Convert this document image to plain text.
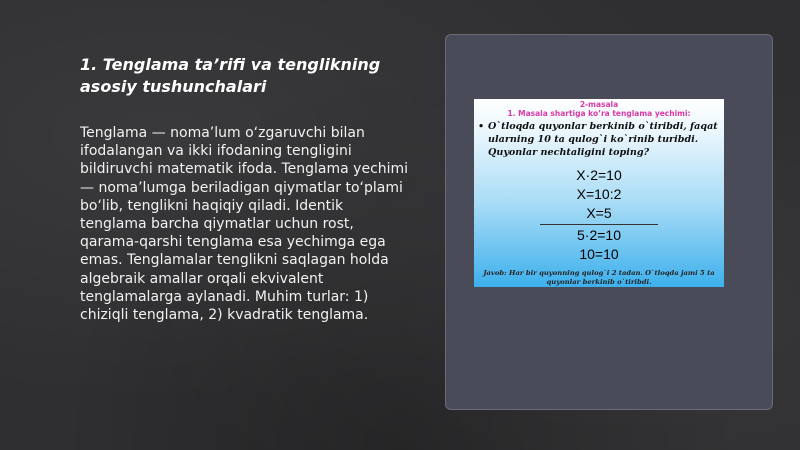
1. Tenglama ta’rifi va tenglikning asosiy tushunchalari

Tenglama — noma’lum o‘zgaruvchi bilan ifodalangan va ikki ifodaning tengligini bildiruvchi matematik ifoda. Tenglama yechimi — noma’lumga beriladigan qiymatlar to‘plami bo‘lib, tenglikni haqiqiy qiladi. Identik tenglama barcha qiymatlar uchun rost, qarama-qarshi tenglama esa yechimga ega emas. Tenglamalar tenglikni saqlagan holda algebraik amallar orqali ekvivalent tenglamalarga aylanadi. Muhim turlar: 1) chiziqli tenglama, 2) kvadratik tenglama.

2-masala
1. Masala shartiga ko’ra tenglama yechimi:
• O`tloqda quyonlar berkinib o`tiribdi, faqat ularning 10 ta qulog`i ko`rinib turibdi. Quyonlar nechtaligini toping?
X·2=10
X=10:2
X=5
5·2=10
10=10
Javob: Har bir quyonning qulog`i 2 tadan. O`tloqda jami 5 ta quyonlar berkinib o`tiribdi.
